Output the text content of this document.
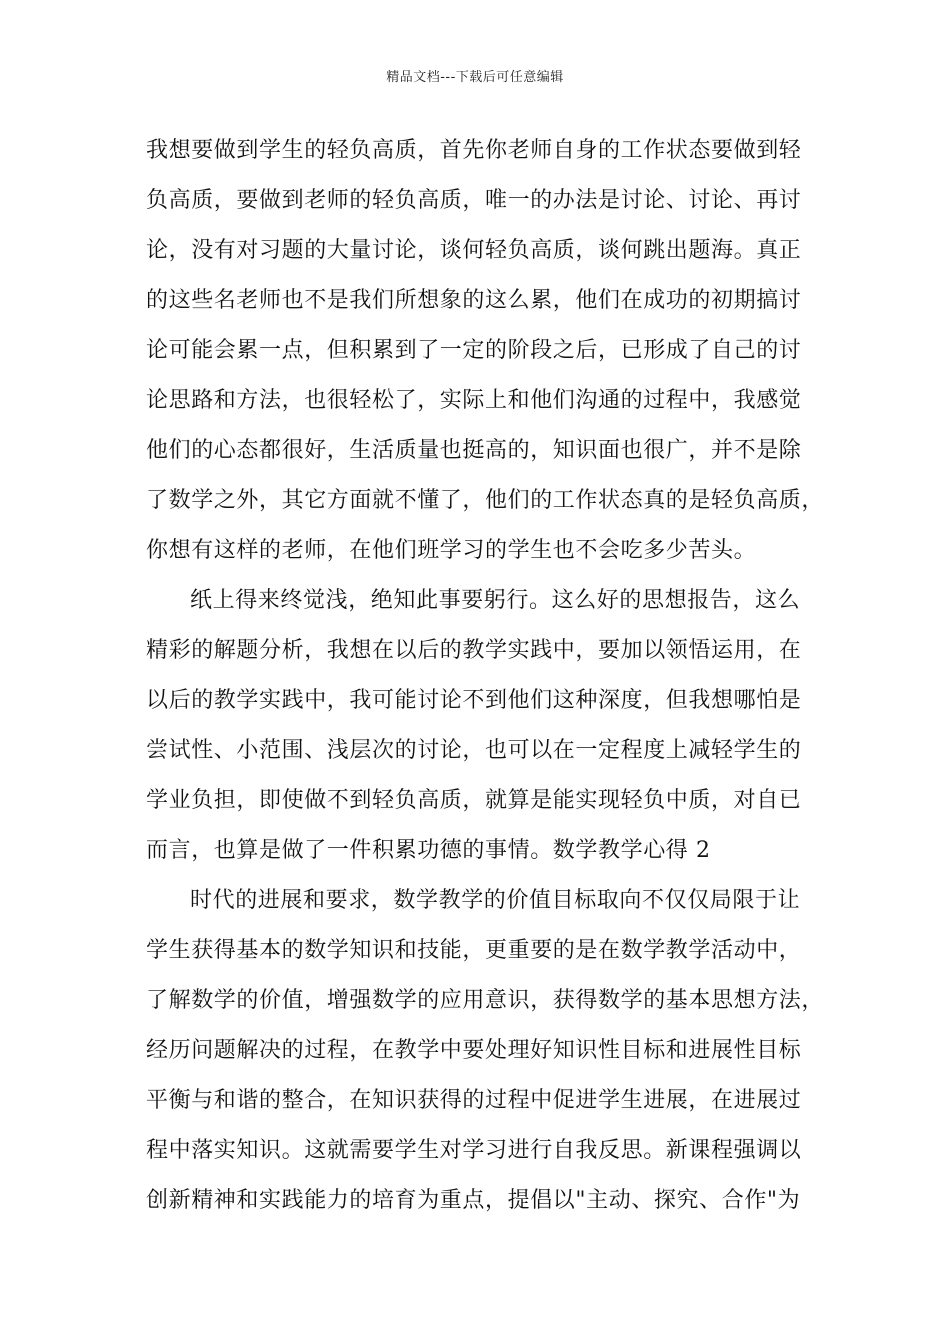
精品文档---下载后可任意编辑
我想要做到学生的轻负高质，首先你老师自身的工作状态要做到轻
负高质，要做到老师的轻负高质，唯一的办法是讨论、讨论、再讨
论，没有对习题的大量讨论，谈何轻负高质，谈何跳出题海。真正
的这些名老师也不是我们所想象的这么累，他们在成功的初期搞讨
论可能会累一点，但积累到了一定的阶段之后，已形成了自己的讨
论思路和方法，也很轻松了，实际上和他们沟通的过程中，我感觉
他们的心态都很好，生活质量也挺高的，知识面也很广，并不是除
了数学之外，其它方面就不懂了，他们的工作状态真的是轻负高质，
你想有这样的老师，在他们班学习的学生也不会吃多少苦头。
纸上得来终觉浅，绝知此事要躬行。这么好的思想报告，这么
精彩的解题分析，我想在以后的教学实践中，要加以领悟运用，在
以后的教学实践中，我可能讨论不到他们这种深度，但我想哪怕是
尝试性、小范围、浅层次的讨论，也可以在一定程度上减轻学生的
学业负担，即使做不到轻负高质，就算是能实现轻负中质，对自已
而言，也算是做了一件积累功德的事情。数学教学心得 2
时代的进展和要求，数学教学的价值目标取向不仅仅局限于让
学生获得基本的数学知识和技能，更重要的是在数学教学活动中，
了解数学的价值，增强数学的应用意识，获得数学的基本思想方法，
经历问题解决的过程，在教学中要处理好知识性目标和进展性目标
平衡与和谐的整合，在知识获得的过程中促进学生进展，在进展过
程中落实知识。这就需要学生对学习进行自我反思。新课程强调以
创新精神和实践能力的培育为重点，提倡以"主动、探究、合作"为
